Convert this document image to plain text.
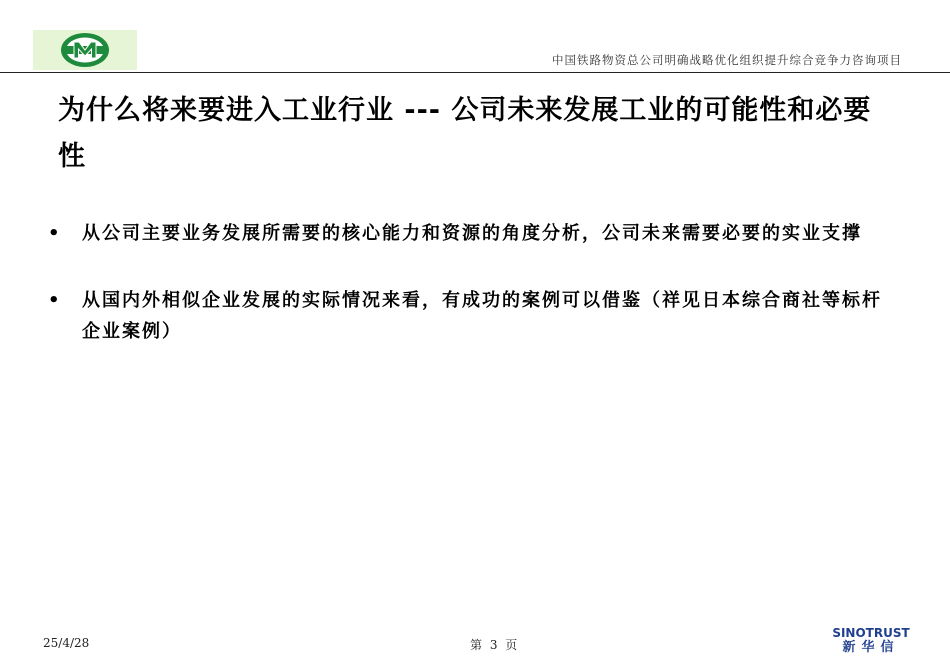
中国铁路物资总公司明确战略优化组织提升综合竞争力咨询项目
为什么将来要进入工业行业 --- 公司未来发展工业的可能性和必要性
• 从公司主要业务发展所需要的核心能力和资源的角度分析，公司未来需要必要的实业支撑
• 从国内外相似企业发展的实际情况来看，有成功的案例可以借鉴（祥见日本综合商社等标杆企业案例）
25/4/28	第 3 页
SINOTRUST
新华信
